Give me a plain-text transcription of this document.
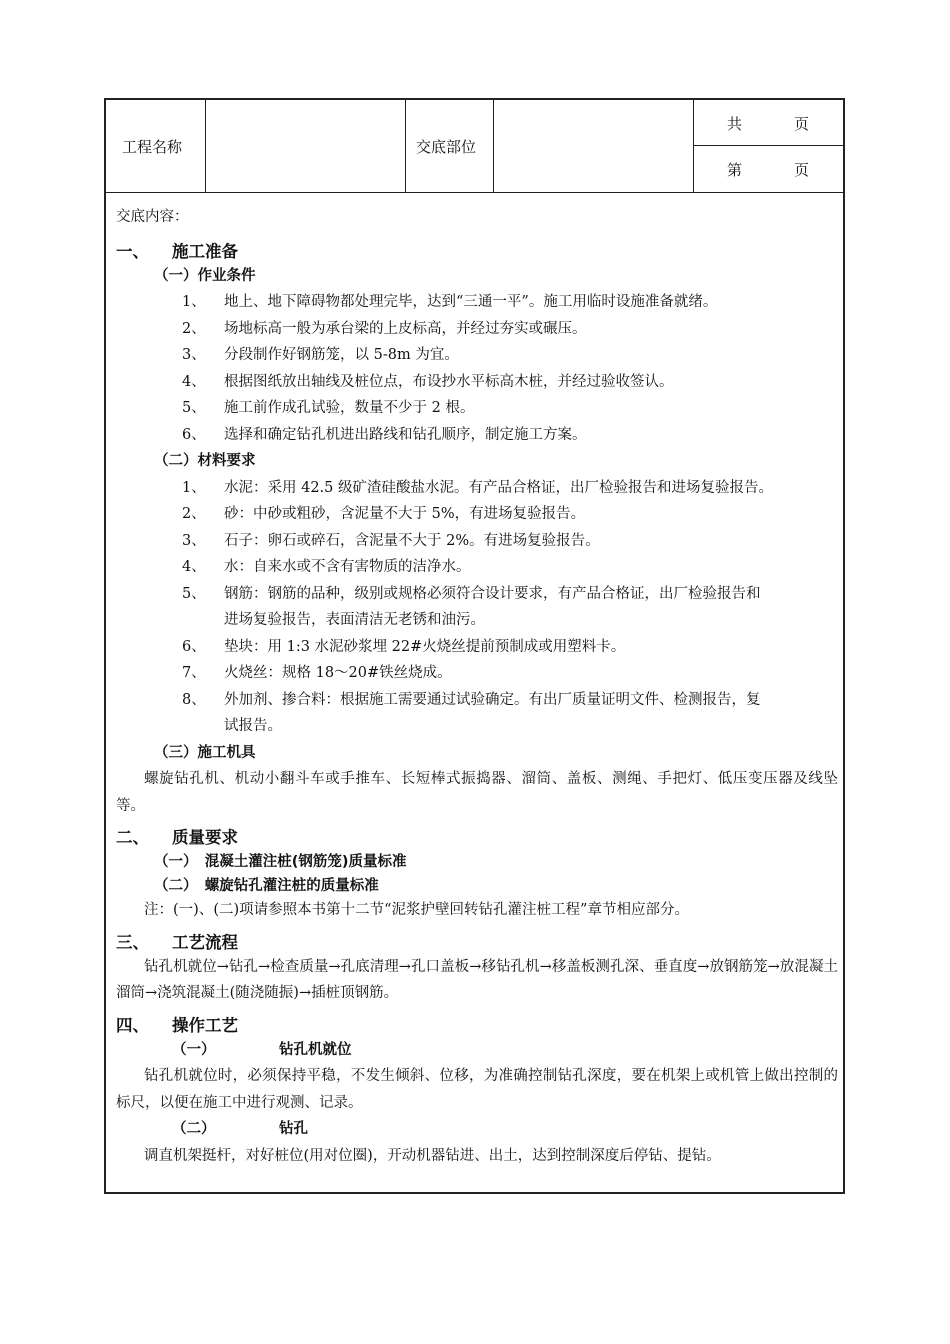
工程名称	交底部位
共	页
第	页
交底内容：
一、 施工准备
（一）作业条件
1、 地上、地下障碍物都处理完毕，达到“三通一平”。施工用临时设施准备就绪。
2、 场地标高一般为承台梁的上皮标高，并经过夯实或碾压。
3、 分段制作好钢筋笼，以 5-8m 为宜。
4、 根据图纸放出轴线及桩位点，布设抄水平标高木桩，并经过验收签认。
5、 施工前作成孔试验，数量不少于 2 根。
6、 选择和确定钻孔机进出路线和钻孔顺序，制定施工方案。
（二）材料要求
1、 水泥：采用 42.5 级矿渣硅酸盐水泥。有产品合格证，出厂检验报告和进场复验报告。
2、 砂：中砂或粗砂，含泥量不大于 5%，有进场复验报告。
3、 石子：卵石或碎石，含泥量不大于 2%。有进场复验报告。
4、 水：自来水或不含有害物质的洁净水。
5、 钢筋：钢筋的品种，级别或规格必须符合设计要求，有产品合格证，出厂检验报告和
进场复验报告，表面清洁无老锈和油污。
6、 垫块：用 1:3 水泥砂浆埋 22#火烧丝提前预制成或用塑料卡。
7、 火烧丝：规格 18～20#铁丝烧成。
8、 外加剂、掺合料：根据施工需要通过试验确定。有出厂质量证明文件、检测报告，复
试报告。
（三）施工机具
螺旋钻孔机、机动小翻斗车或手推车、长短棒式振捣器、溜筒、盖板、测绳、手把灯、低压变压器及线坠等。
二、 质量要求
（一）　混凝土灌注桩(钢筋笼)质量标准
（二）　螺旋钻孔灌注桩的质量标准
注：(一)、(二)项请参照本书第十二节“泥浆护壁回转钻孔灌注桩工程”章节相应部分。
三、 工艺流程
钻孔机就位→钻孔→检查质量→孔底清理→孔口盖板→移钻孔机→移盖板测孔深、垂直度→放钢筋笼→放混凝土溜筒→浇筑混凝土(随浇随振)→插桩顶钢筋。
四、 操作工艺
（一）	钻孔机就位
钻孔机就位时，必须保持平稳，不发生倾斜、位移，为准确控制钻孔深度，要在机架上或机管上做出控制的标尺，以便在施工中进行观测、记录。
（二）	钻孔
调直机架挺杆，对好桩位(用对位圈)，开动机器钻进、出土，达到控制深度后停钻、提钻。
